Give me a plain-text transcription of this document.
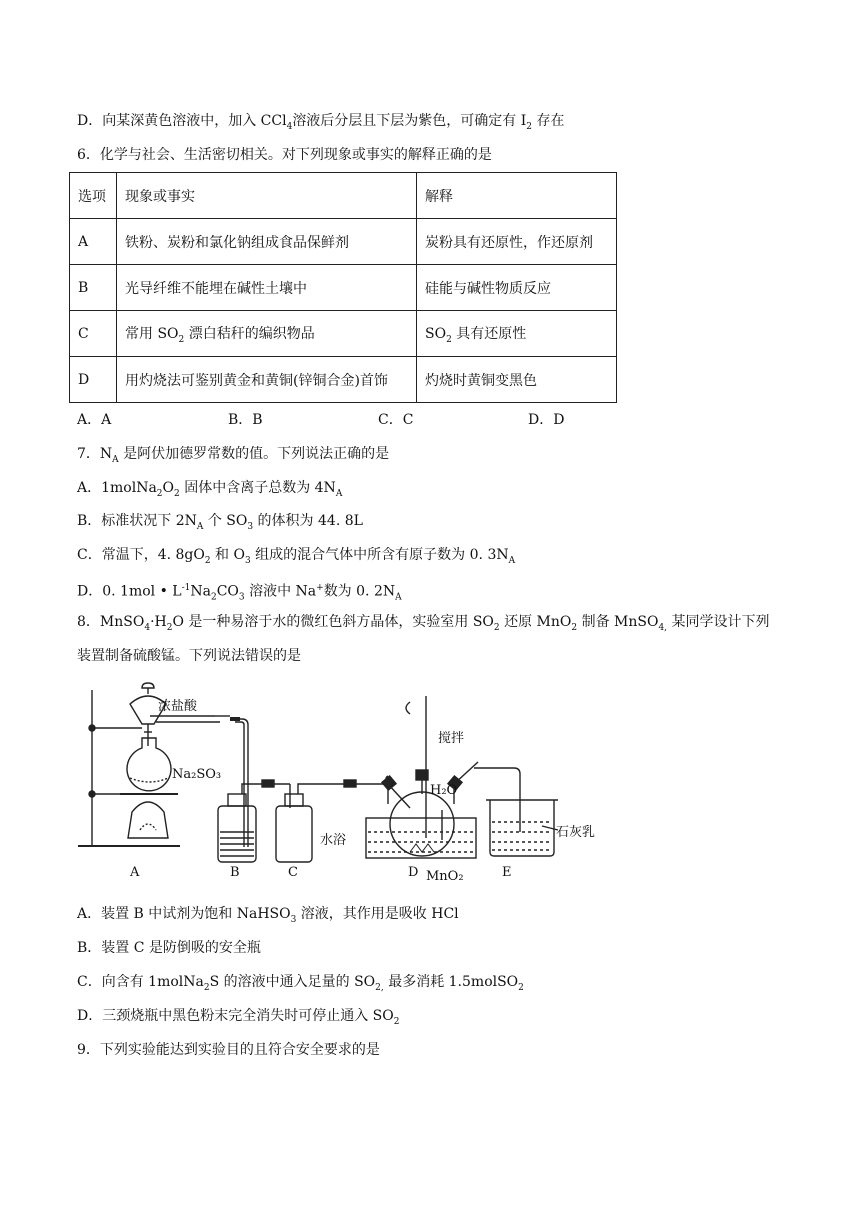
D．向某深黄色溶液中，加入 CCl$_4$溶液后分层且下层为紫色，可确定有 $I_2$ 存在
6．化学与社会、生活密切相关。对下列现象或事实的解释正确的是
选项	现象或事实	解释
A	铁粉、炭粉和氯化钠组成食品保鲜剂	炭粉具有还原性，作还原剂
B	光导纤维不能埋在碱性土壤中	硅能与碱性物质反应
C	常用 $SO_2$ 漂白秸秆的编织物品	$SO_2$ 具有还原性
D	用灼烧法可鉴别黄金和黄铜(锌铜合金)首饰	灼烧时黄铜变黑色
A．A	B．B	C．C	D．D
7．$N_A$ 是阿伏加德罗常数的值。下列说法正确的是
A．$1molNa_2O_2$ 固体中含离子总数为 $4N_A$
B．标准状况下 $2N_A$ 个 $SO_3$ 的体积为 44. 8L
C．常温下，4. $8gO_2$ 和 $O_3$ 组成的混合气体中所含有原子数为 0. $3N_A$
D．0. 1mol • $L^{-1}Na_2CO_3$ 溶液中 Na+数为 0. $2N_A$
8．$MnSO_4\cdot H_2O$ 是一种易溶于水的微红色斜方晶体，实验室用 $SO_2$ 还原 MnO$_2$ 制备 MnSO$_{4,}$ 某同学设计下列
装置制备硫酸锰。下列说法错误的是
浓盐酸
Na₂SO₃
搅拌
H₂O
水浴
MnO₂
石灰乳
A	B	C	D	E
A．装置 B 中试剂为饱和 NaHSO$_3$ 溶液，其作用是吸收 HCl
B．装置 C 是防倒吸的安全瓶
C．向含有 1molNa$_2$S 的溶液中通入足量的 $SO_{2,}$ 最多消耗 1.5molSO$_2$
D．三颈烧瓶中黑色粉末完全消失时可停止通入 $SO_2$
9．下列实验能达到实验目的且符合安全要求的是
